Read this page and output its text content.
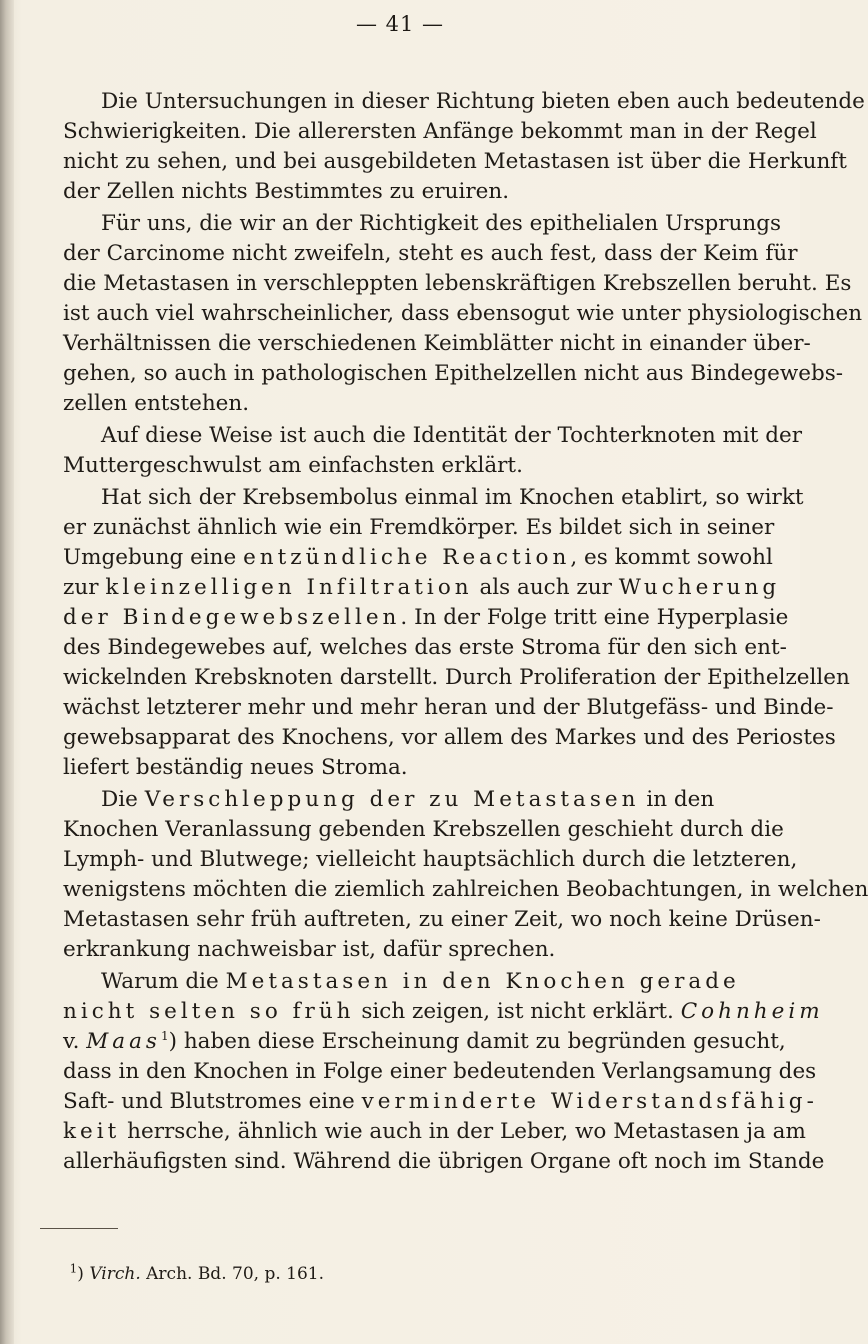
— 41 —

Die Untersuchungen in dieser Richtung bieten eben auch bedeutende

Schwierigkeiten. Die allerersten Anfänge bekommt man in der Regel

nicht zu sehen, und bei ausgebildeten Metastasen ist über die Herkunft

der Zellen nichts Bestimmtes zu eruiren.

Für uns, die wir an der Richtigkeit des epithelialen Ursprungs

der Carcinome nicht zweifeln, steht es auch fest, dass der Keim für

die Metastasen in verschleppten lebenskräftigen Krebszellen beruht. Es

ist auch viel wahrscheinlicher, dass ebensogut wie unter physiologischen

Verhältnissen die verschiedenen Keimblätter nicht in einander über-

gehen, so auch in pathologischen Epithelzellen nicht aus Bindegewebs-

zellen entstehen.

Auf diese Weise ist auch die Identität der Tochterknoten mit der

Muttergeschwulst am einfachsten erklärt.

Hat sich der Krebsembolus einmal im Knochen etablirt, so wirkt

er zunächst ähnlich wie ein Fremdkörper. Es bildet sich in seiner

Umgebung eine entzündliche Reaction, es kommt sowohl

zur kleinzelligen Infiltration als auch zur Wucherung

der Bindegewebszellen. In der Folge tritt eine Hyperplasie

des Bindegewebes auf, welches das erste Stroma für den sich ent-

wickelnden Krebsknoten darstellt. Durch Proliferation der Epithelzellen

wächst letzterer mehr und mehr heran und der Blutgefäss- und Binde-

gewebsapparat des Knochens, vor allem des Markes und des Periostes

liefert beständig neues Stroma.

Die Verschleppung der zu Metastasen in den

Knochen Veranlassung gebenden Krebszellen geschieht durch die

Lymph- und Blutwege; vielleicht hauptsächlich durch die letzteren,

wenigstens möchten die ziemlich zahlreichen Beobachtungen, in welchen

Metastasen sehr früh auftreten, zu einer Zeit, wo noch keine Drüsen-

erkrankung nachweisbar ist, dafür sprechen.

Warum die Metastasen in den Knochen gerade

nicht selten so früh sich zeigen, ist nicht erklärt. Cohnheim

v. Maas$^1$) haben diese Erscheinung damit zu begründen gesucht,

dass in den Knochen in Folge einer bedeutenden Verlangsamung des

Saft- und Blutstromes eine verminderte Widerstandsfähig-

keit herrsche, ähnlich wie auch in der Leber, wo Metastasen ja am

allerhäufigsten sind. Während die übrigen Organe oft noch im Stande

$^1$) Virch. Arch. Bd. 70, p. 161.
